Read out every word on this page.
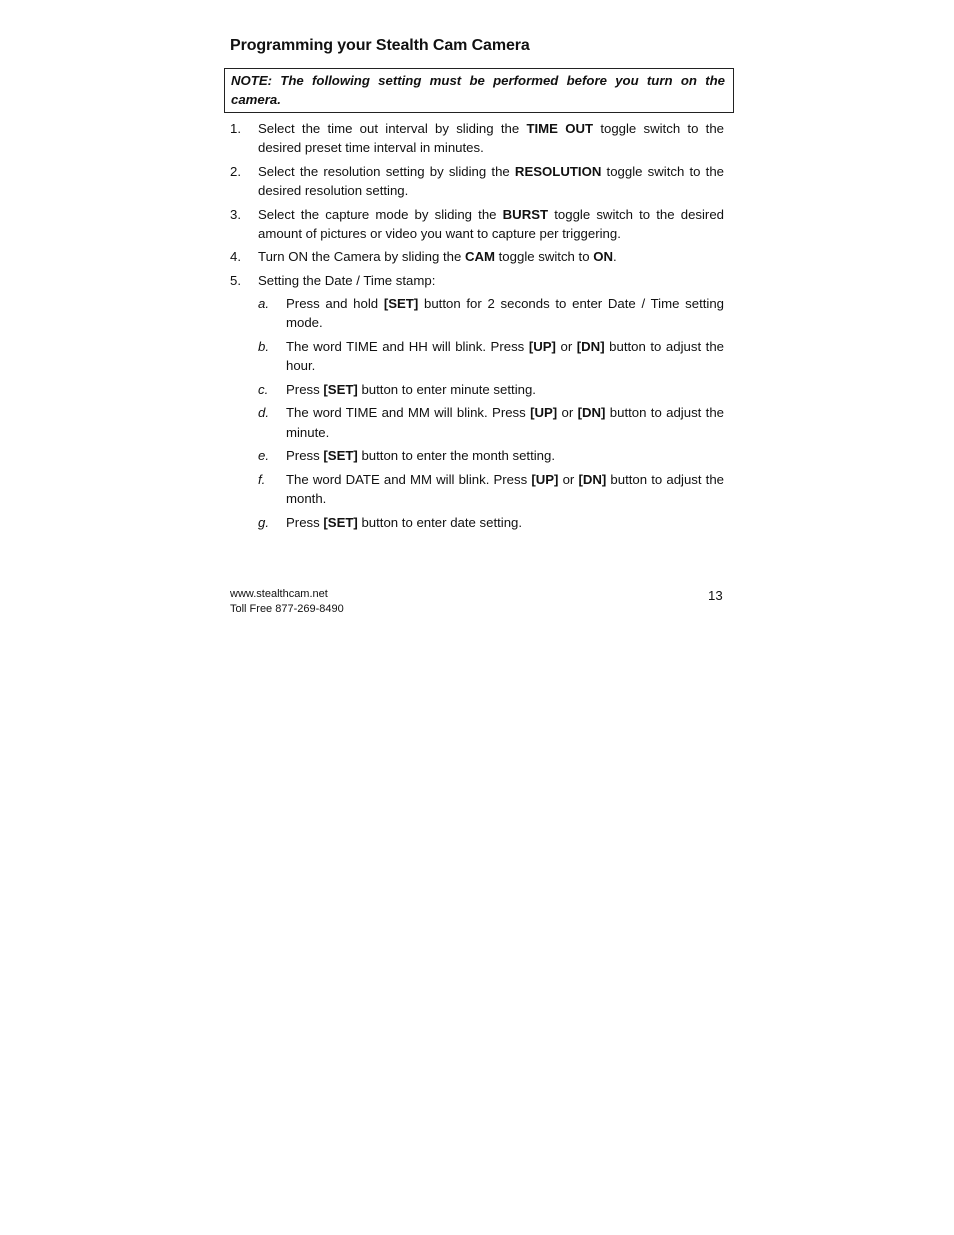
Programming your Stealth Cam Camera
NOTE: The following setting must be performed before you turn on the camera.
1. Select the time out interval by sliding the TIME OUT toggle switch to the desired preset time interval in minutes.
2. Select the resolution setting by sliding the RESOLUTION toggle switch to the desired resolution setting.
3. Select the capture mode by sliding the BURST toggle switch to the desired amount of pictures or video you want to capture per triggering.
4. Turn ON the Camera by sliding the CAM toggle switch to ON.
5. Setting the Date / Time stamp:
a. Press and hold [SET] button for 2 seconds to enter Date / Time setting mode.
b. The word TIME and HH will blink. Press [UP] or [DN] button to adjust the hour.
c. Press [SET] button to enter minute setting.
d. The word TIME and MM will blink. Press [UP] or [DN] button to adjust the minute.
e. Press [SET] button to enter the month setting.
f. The word DATE and MM will blink. Press [UP] or [DN] button to adjust the month.
g. Press [SET] button to enter date setting.
www.stealthcam.net
Toll Free 877-269-8490
13
